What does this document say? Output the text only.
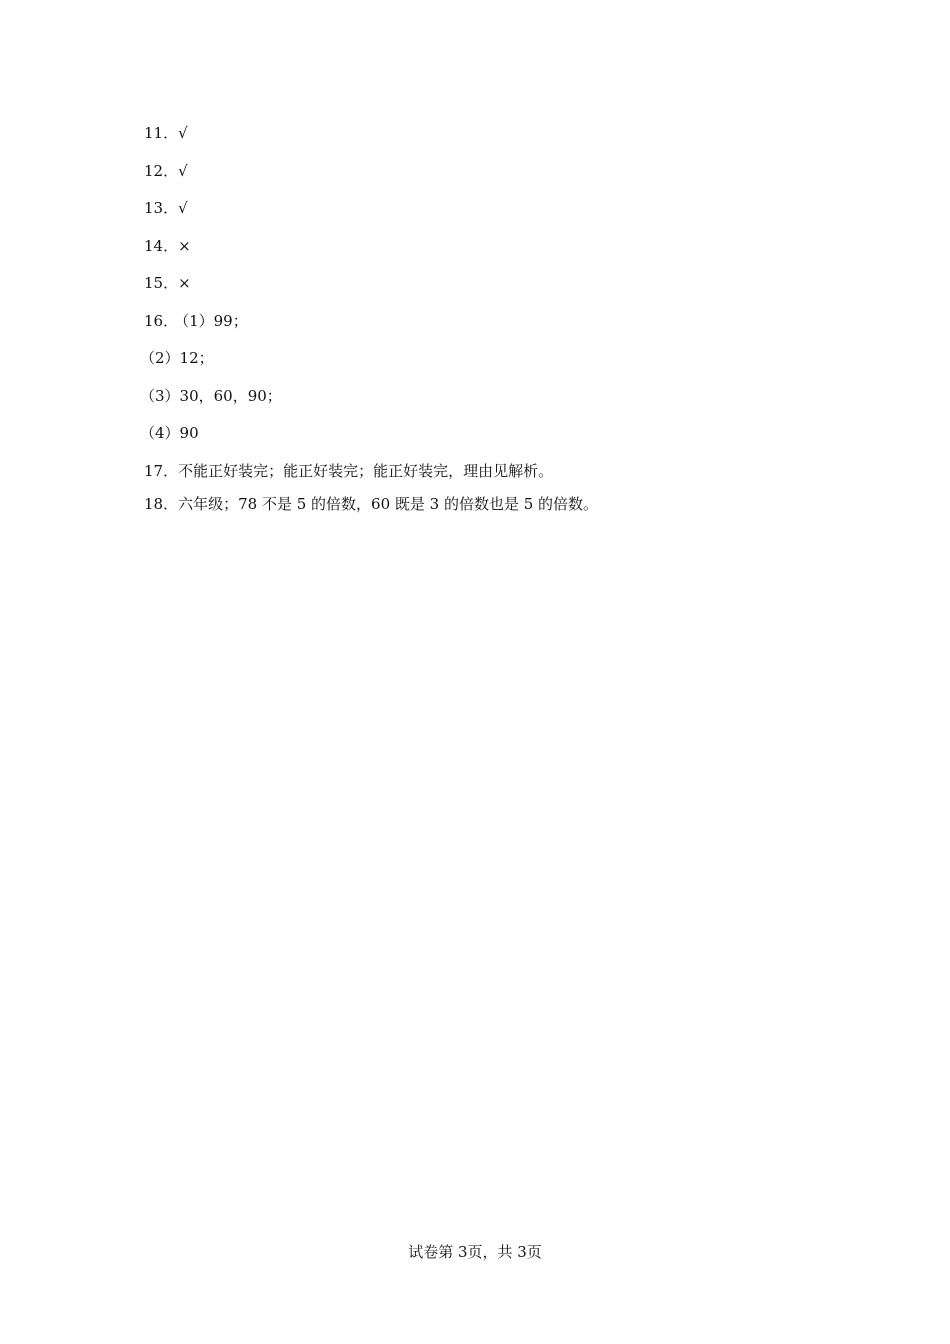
11．√
12．√
13．√
14．×
15．×
16．（1）99；
（2）12；
（3）30，60，90；
（4）90
17．不能正好装完；能正好装完；能正好装完，理由见解析。
18．六年级；78 不是 5 的倍数，60 既是 3 的倍数也是 5 的倍数。
试卷第 3页，共 3页
